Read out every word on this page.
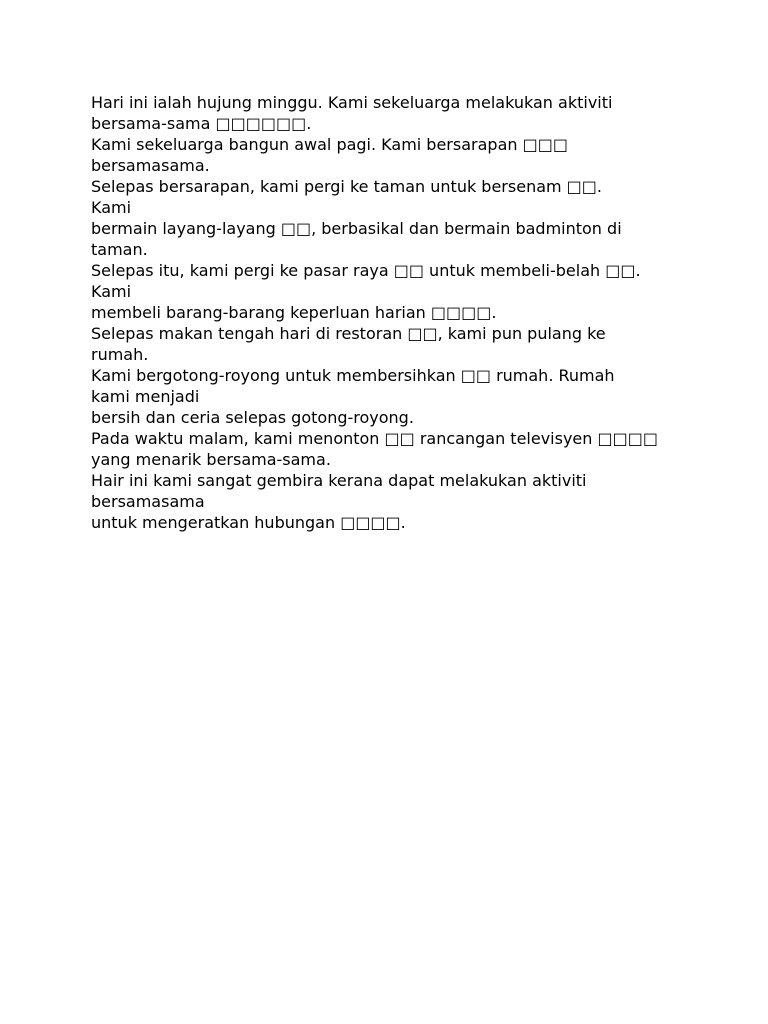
Hari ini ialah hujung minggu. Kami sekeluarga melakukan aktiviti
bersama-sama □□□□□□.
Kami sekeluarga bangun awal pagi. Kami bersarapan □□□
bersamasama.
Selepas bersarapan, kami pergi ke taman untuk bersenam □□.
Kami
bermain layang-layang □□, berbasikal dan bermain badminton di
taman.
Selepas itu, kami pergi ke pasar raya □□ untuk membeli-belah □□.
Kami
membeli barang-barang keperluan harian □□□□.
Selepas makan tengah hari di restoran □□, kami pun pulang ke
rumah.
Kami bergotong-royong untuk membersihkan □□ rumah. Rumah
kami menjadi
bersih dan ceria selepas gotong-royong.
Pada waktu malam, kami menonton □□ rancangan televisyen □□□□
yang menarik bersama-sama.
Hair ini kami sangat gembira kerana dapat melakukan aktiviti
bersamasama
untuk mengeratkan hubungan □□□□.
